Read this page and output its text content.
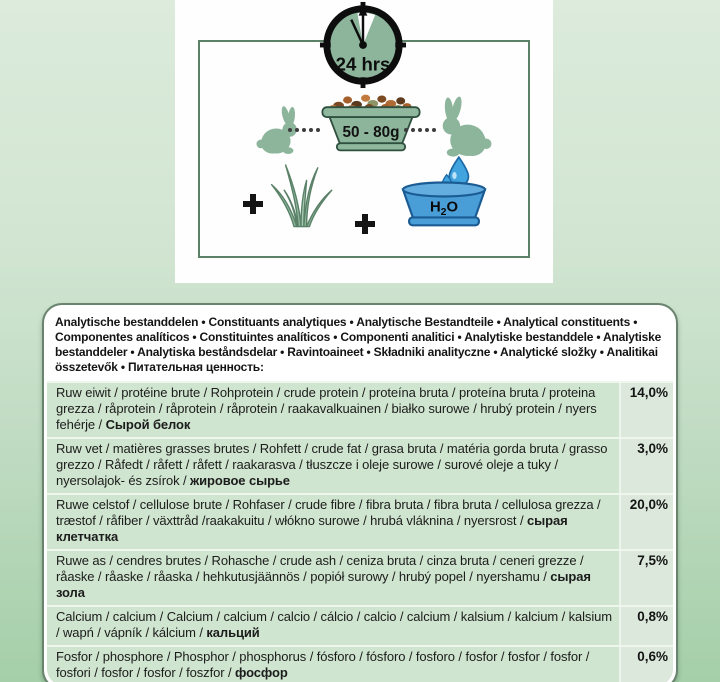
50 - 80g
$H_2O$
24 hrs
Analytische bestanddelen • Constituants analytiques • Analytische Bestandteile • Analytical constituents • Componentes analíticos • Constituintes analíticos • Componenti analitici • Analytiske bestanddele • Analytiske bestanddeler • Analytiska beståndsdelar • Ravintoaineet • Składniki analityczne • Analytické složky • Analitikai összetevők • Питательная ценность:
Ruw eiwit / protéine brute / Rohprotein / crude protein / proteína bruta / proteína bruta / proteina grezza / råprotein / råprotein / råprotein / raakavalkuainen / białko surowe / hrubý protein / nyers fehérje / Сырой белок
14,0%
Ruw vet / matières grasses brutes / Rohfett / crude fat / grasa bruta / matéria gorda bruta / grasso grezzo / Råfedt / råfett / råfett / raakarasva / tłuszcze i oleje surowe / surové oleje a tuky / nyersolajok- és zsírok / жировое сырье
3,0%
Ruwe celstof / cellulose brute / Rohfaser / crude fibre / fibra bruta / fibra bruta / cellulosa grezza / træstof / råfiber / växttråd /raakakuitu / włókno surowe / hrubá vláknina / nyersrost / сырая клетчатка
20,0%
Ruwe as / cendres brutes / Rohasche / crude ash / ceniza bruta / cinza bruta / ceneri grezze / råaske / råaske / råaska / hehkutusjäännös / popiół surowy / hrubý popel / nyershamu / сырая зола
7,5%
Calcium / calcium / Calcium / calcium / calcio / cálcio / calcio / calcium / kalsium / kalcium / kalsium / wapń / vápník / kálcium / кальций
0,8%
Fosfor / phosphore / Phosphor / phosphorus / fósforo / fósforo / fosforo / fosfor / fosfor / fosfor / fosfori / fosfor / fosfor / foszfor / фосфор
0,6%
